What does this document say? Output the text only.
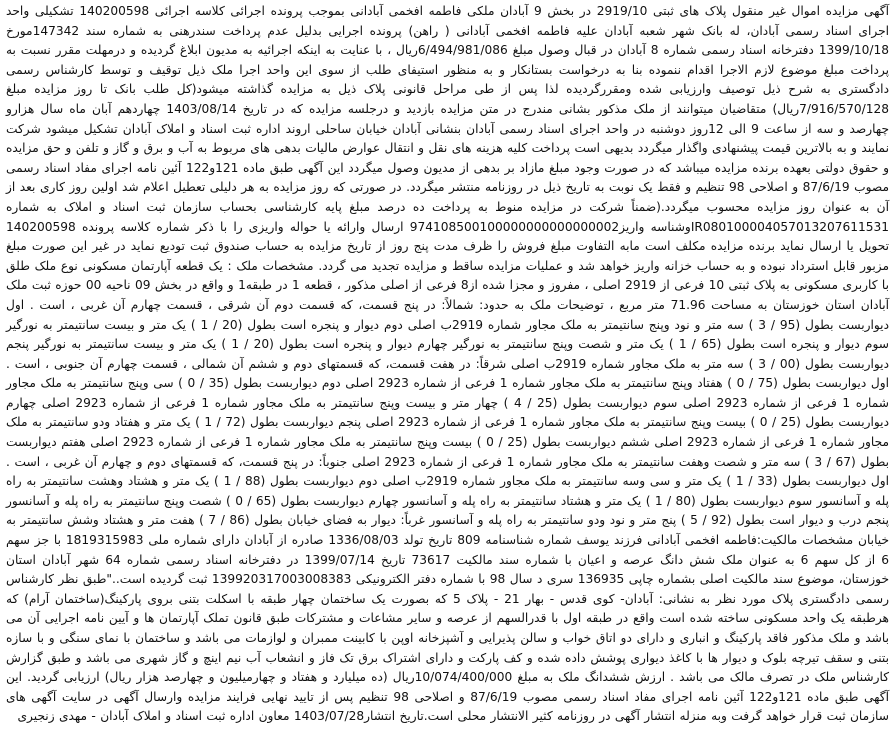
آگهی مزایده اموال غیر منقول پلاک های ثبتی 2919/10 در بخش 9 آبادان ملکی فاطمه افخمی آبادانی بموجب پرونده اجرائی کلاسه اجرائی 140200598 تشکیلی واحد اجرای اسناد رسمی آبادان، له بانک شهر شعبه آبادان علیه فاطمه افخمی آبادانی ( راهن) پرونده اجرایی بدلیل عدم پرداخت سندرهنی به شماره سند 147342مورخ 1399/10/18 دفترخانه اسناد رسمی شماره 8 آبادان در قبال وصول مبلغ 6/494/981/086ریال ، با عنایت به اینکه اجرائیه به مدیون ابلاغ گردیده و درمهلت مقرر نسبت به پرداخت مبلغ موضوع لازم الاجرا اقدام ننموده بنا به درخواست بستانکار و به منظور استیفای طلب از سوی این واحد اجرا ملک ذیل توقیف و توسط کارشناس رسمی دادگستری به شرح ذیل توصیف وارزیابی شده ومقررگردیده لذا پس از طی مراحل قانونی پلاک ذیل به مزایده گذاشته میشود(کل طلب بانک تا روز مزایده مبلغ 7/916/570/128ریال) متقاضیان میتوانند از ملک مذکور بشانی مندرج در متن مزایده بازدید و درجلسه مزایده که در تاریخ 1403/08/14 چهاردهم آبان ماه سال هزارو چهارصد و سه از ساعت 9 الی 12روز دوشنبه در واحد اجرای اسناد رسمی آبادان بنشانی آبادان خیابان ساحلی اروند اداره ثبت اسناد و املاک آبادان تشکیل میشود شرکت نمایند و به بالاترین قیمت پیشنهادی واگذار میگردد بدیهی است پرداخت کلیه هزینه های نقل و انتقال عوارض مالیات بدهی های مربوط به آب و برق و گاز و تلفن و حق مزایده و حقوق دولتی بعهده برنده مزایده میباشد که در صورت وجود مبلغ مازاد بر بدهی از مدیون وصول میگردد این آگهی طبق ماده 121و122 آئین نامه اجرای مفاد اسناد رسمی مصوب 87/6/19 و اصلاحی 98 تنظیم و فقط یک نوبت به تاریخ ذیل در روزنامه منتشر میگردد. در صورتی که روز مزایده به هر دلیلی تعطیل اعلام شد اولین روز کاری بعد از آن به عنوان روز مزایده محسوب میگردد.(ضمناً شرکت در مزایده منوط به پرداخت ده درصد مبلغ پایه کارشناسی بحساب سازمان ثبت اسناد و املاک به شماره IR080100004057013207611531وشناسه واریز974108500100000000000000002 ارسال وارائه یا حواله واریزی را با ذکر شماره کلاسه پرونده 140200598 تحویل یا ارسال نماید برنده مزایده مکلف است مابه التفاوت مبلغ فروش را ظرف مدت پنج روز از تاریخ مزایده به حساب صندوق ثبت تودیع نماید در غیر این صورت مبلغ مزبور قابل استرداد نبوده و به حساب خزانه واریز خواهد شد و عملیات مزایده ساقط و مزایده تجدید می گردد. مشخصات ملک : یک قطعه آپارتمان مسکونی نوع ملک طلق با کاربری مسکونی به پلاک ثبتی 10 فرعی از 2919 اصلی ، مفروز و مجزا شده از8 فرعی از اصلی مذکور ، قطعه 1 در طبقه1 و واقع در بخش 09 ناحیه 00 حوزه ثبت ملک آبادان استان خوزستان به مساحت 71.96 متر مربع ، توضیحات ملک به حدود: شمالاً: در پنج قسمت، که قسمت دوم آن شرقی ، قسمت چهارم آن غربی ، است . اول دیواربست بطول (95 / 3 ) سه متر و نود وپنج سانتیمتر به ملک مجاور شماره 2919ب اصلی دوم دیوار و پنجره است بطول (20 / 1 ) یک متر و بیست سانتیمتر به نورگیر سوم دیوار و پنجره است بطول (65 / 1 ) یک متر و شصت وپنج سانتیمتر به نورگیر چهارم دیوار و پنجره است بطول (20 / 1 ) یک متر و بیست سانتیمتر به نورگیر پنجم دیواربست بطول (00 / 3 ) سه متر به ملک مجاور شماره 2919ب اصلی شرقاً: در هفت قسمت، که قسمتهای دوم و ششم آن شمالی ، قسمت چهارم آن جنوبی ، است . اول دیواربست بطول (75 / 0 ) هفتاد وپنج سانتیمتر به ملک مجاور شماره 1 فرعی از شماره 2923 اصلی دوم دیواربست بطول (35 / 0 ) سی وپنج سانتیمتر به ملک مجاور شماره 1 فرعی از شماره 2923 اصلی سوم دیواربست بطول (25 / 4 ) چهار متر و بیست وپنج سانتیمتر به ملک مجاور شماره 1 فرعی از شماره 2923 اصلی چهارم دیواربست بطول (25 / 0 ) بیست وپنج سانتیمتر به ملک مجاور شماره 1 فرعی از شماره 2923 اصلی پنجم دیواربست بطول (72 / 1 ) یک متر و هفتاد ودو سانتیمتر به ملک مجاور شماره 1 فرعی از شماره 2923 اصلی ششم دیواربست بطول (25 / 0 ) بیست وپنج سانتیمتر به ملک مجاور شماره 1 فرعی از شماره 2923 اصلی هفتم دیواربست بطول (67 / 3 ) سه متر و شصت وهفت سانتیمتر به ملک مجاور شماره 1 فرعی از شماره 2923 اصلی جنوباً: در پنج قسمت، که قسمتهای دوم و چهارم آن غربی ، است . اول دیواربست بطول (33 / 1 ) یک متر و سی وسه سانتیمتر به ملک مجاور شماره 2919ب اصلی دوم دیواربست بطول (88 / 1 ) یک متر و هشتاد وهشت سانتیمتر به راه پله و آسانسور سوم دیواربست بطول (80 / 1 ) یک متر و هشتاد سانتیمتر به راه پله و آسانسور چهارم دیواربست بطول (65 / 0 ) شصت وپنج سانتیمتر به راه پله و آسانسور پنجم درب و دیوار است بطول (92 / 5 ) پنج متر و نود ودو سانتیمتر به راه پله و آسانسور غرباً: دیوار به فضای خیابان بطول (86 / 7 ) هفت متر و هشتاد وشش سانتیمتر به خیابان مشخصات مالکیت:فاطمه افخمی آبادانی فرزند یوسف شماره شناسنامه 809 تاریخ تولد 1336/08/03 صادره از آبادان دارای شماره ملی 1819315983 با جز سهم 6 از کل سهم 6 به عنوان ملک شش دانگ عرصه و اعیان با شماره سند مالکیت 73617 تاریخ 1399/07/14 در دفترخانه اسناد رسمی شماره 64 شهر آبادان استان خوزستان، موضوع سند مالکیت اصلی بشماره چاپی 136935 سری د سال 98 با شماره دفتر الکترونیکی 139920317003008383 ثبت گردیده است.."طبق نظر کارشناس رسمی دادگستری پلاک مورد نظر به نشانی: آبادان- کوی قدس - بهار 21 - پلاک 5 که بصورت یک ساختمان چهار طبقه با اسکلت بتنی بروی پارکینگ(ساختمان آرام) که هرطبقه یک واحد مسکونی ساخته شده است واقع در طبقه اول با قدرالسهم از عرصه و سایر مشاعات و مشترکات طبق قانون تملک آپارتمان ها و آیین نامه اجرایی آن می باشد و ملک مذکور فاقد پارکینگ و انباری و دارای دو اتاق خواب و سالن پذیرایی و آشپزخانه اوپن با کابینت ممبران و لوازمات می باشد و ساختمان با نمای سنگی و با سازه بتنی و سقف تیرچه بلوک و دیوار ها با کاغذ دیواری پوشش داده شده و کف پارکت و دارای اشتراک برق تک فاز و انشعاب آب نیم اینچ و گاز شهری می باشد و طبق گزارش کارشناس ملک در تصرف مالک می باشد . ارزش ششدانگ ملک به مبلغ 10/074/400/000ریال (ده میلیارد و هفتاد و چهارمیلیون و چهارصد هزار ریال) ارزیابی گردید. این آگهی طبق ماده 121و122 آئین نامه اجرای مفاد اسناد رسمی مصوب 87/6/19 و اصلاحی 98 تنظیم پس از تایید نهایی فرایند مزایده وارسال آگهی در سایت آگهی های سازمان ثبت قرار خواهد گرفت وبه منزله انتشار آگهی در روزنامه کثیر الانتشار محلی است.تاریخ انتشار1403/07/28 معاون اداره ثبت اسناد و املاک آبادان - مهدی زنجیری
